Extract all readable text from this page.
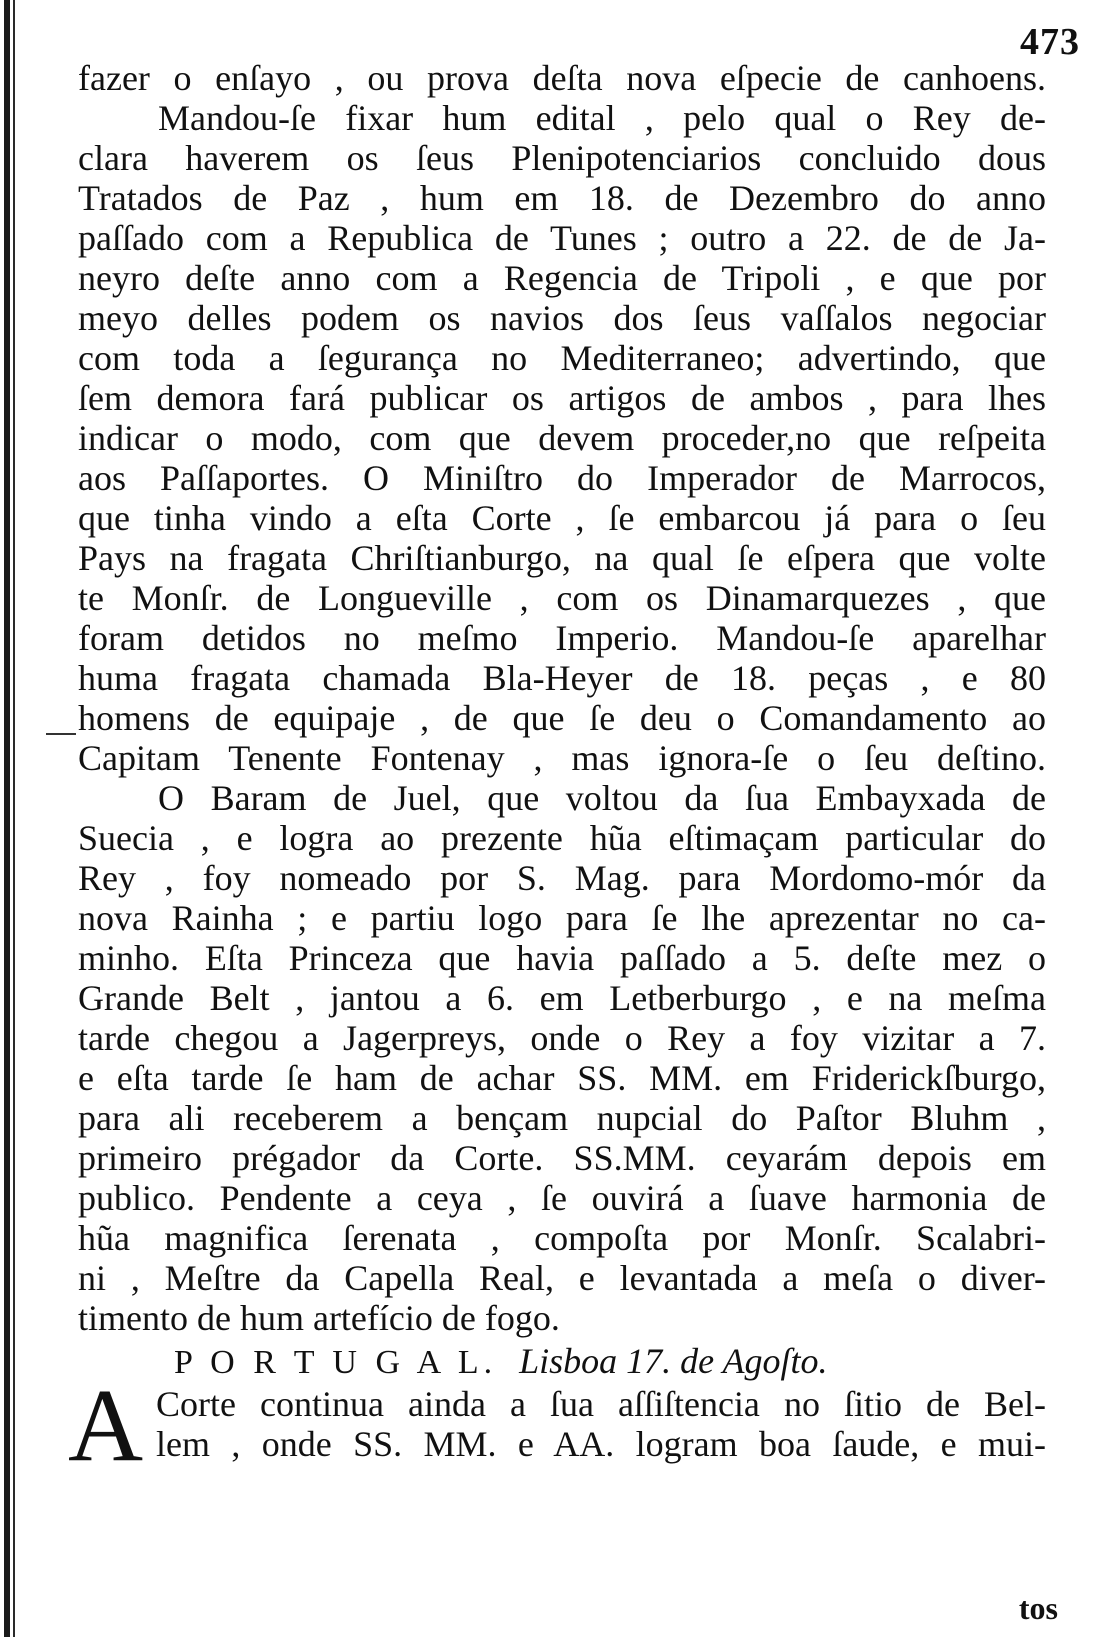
473
fazer o enſayo , ou prova deſta nova eſpecie de canhoens.
Mandou-ſe fixar hum edital , pelo qual o Rey de-
clara haverem os ſeus Plenipotenciarios concluido dous
Tratados de Paz , hum em 18. de Dezembro do anno
paſſado com a Republica de Tunes ; outro a 22. de de Ja-
neyro deſte anno com a Regencia de Tripoli , e que por
meyo delles podem os navios dos ſeus vaſſalos negociar
com toda a ſegurança no Mediterraneo; advertindo, que
ſem demora fará publicar os artigos de ambos , para lhes
indicar o modo, com que devem proceder,no que reſpeita
aos Paſſaportes. O Miniſtro do Imperador de Marrocos,
que tinha vindo a eſta Corte , ſe embarcou já para o ſeu
Pays na fragata Chriſtianburgo, na qual ſe eſpera que volte
te Monſr. de Longueville , com os Dinamarquezes , que
foram detidos no meſmo Imperio. Mandou-ſe aparelhar
huma fragata chamada Bla-Heyer de 18. peças , e 80
homens de equipaje , de que ſe deu o Comandamento ao
Capitam Tenente Fontenay , mas ignora-ſe o ſeu deſtino.
O Baram de Juel, que voltou da ſua Embayxada de
Suecia , e logra ao prezente hũa eſtimaçam particular do
Rey , foy nomeado por S. Mag. para Mordomo-mór da
nova Rainha ; e partiu logo para ſe lhe aprezentar no ca-
minho. Eſta Princeza que havia paſſado a 5. deſte mez o
Grande Belt , jantou a 6. em Letberburgo , e na meſma
tarde chegou a Jagerpreys, onde o Rey a foy vizitar a 7.
e eſta tarde ſe ham de achar SS. MM. em Friderickſburgo,
para ali receberem a bençam nupcial do Paſtor Bluhm ,
primeiro prégador da Corte. SS.MM. ceyarám depois em
publico. Pendente a ceya , ſe ouvirá a ſuave harmonia de
hũa magnifica ſerenata , compoſta por Monſr. Scalabri-
ni , Meſtre da Capella Real, e levantada a meſa o diver-
timento de hum artefício de fogo.
P O R T U G A L. Lisboa 17. de Agoſto.
A Corte continua ainda a ſua aſſiſtencia no ſitio de Bel-
lem , onde SS. MM. e AA. logram boa ſaude, e mui-
tos
